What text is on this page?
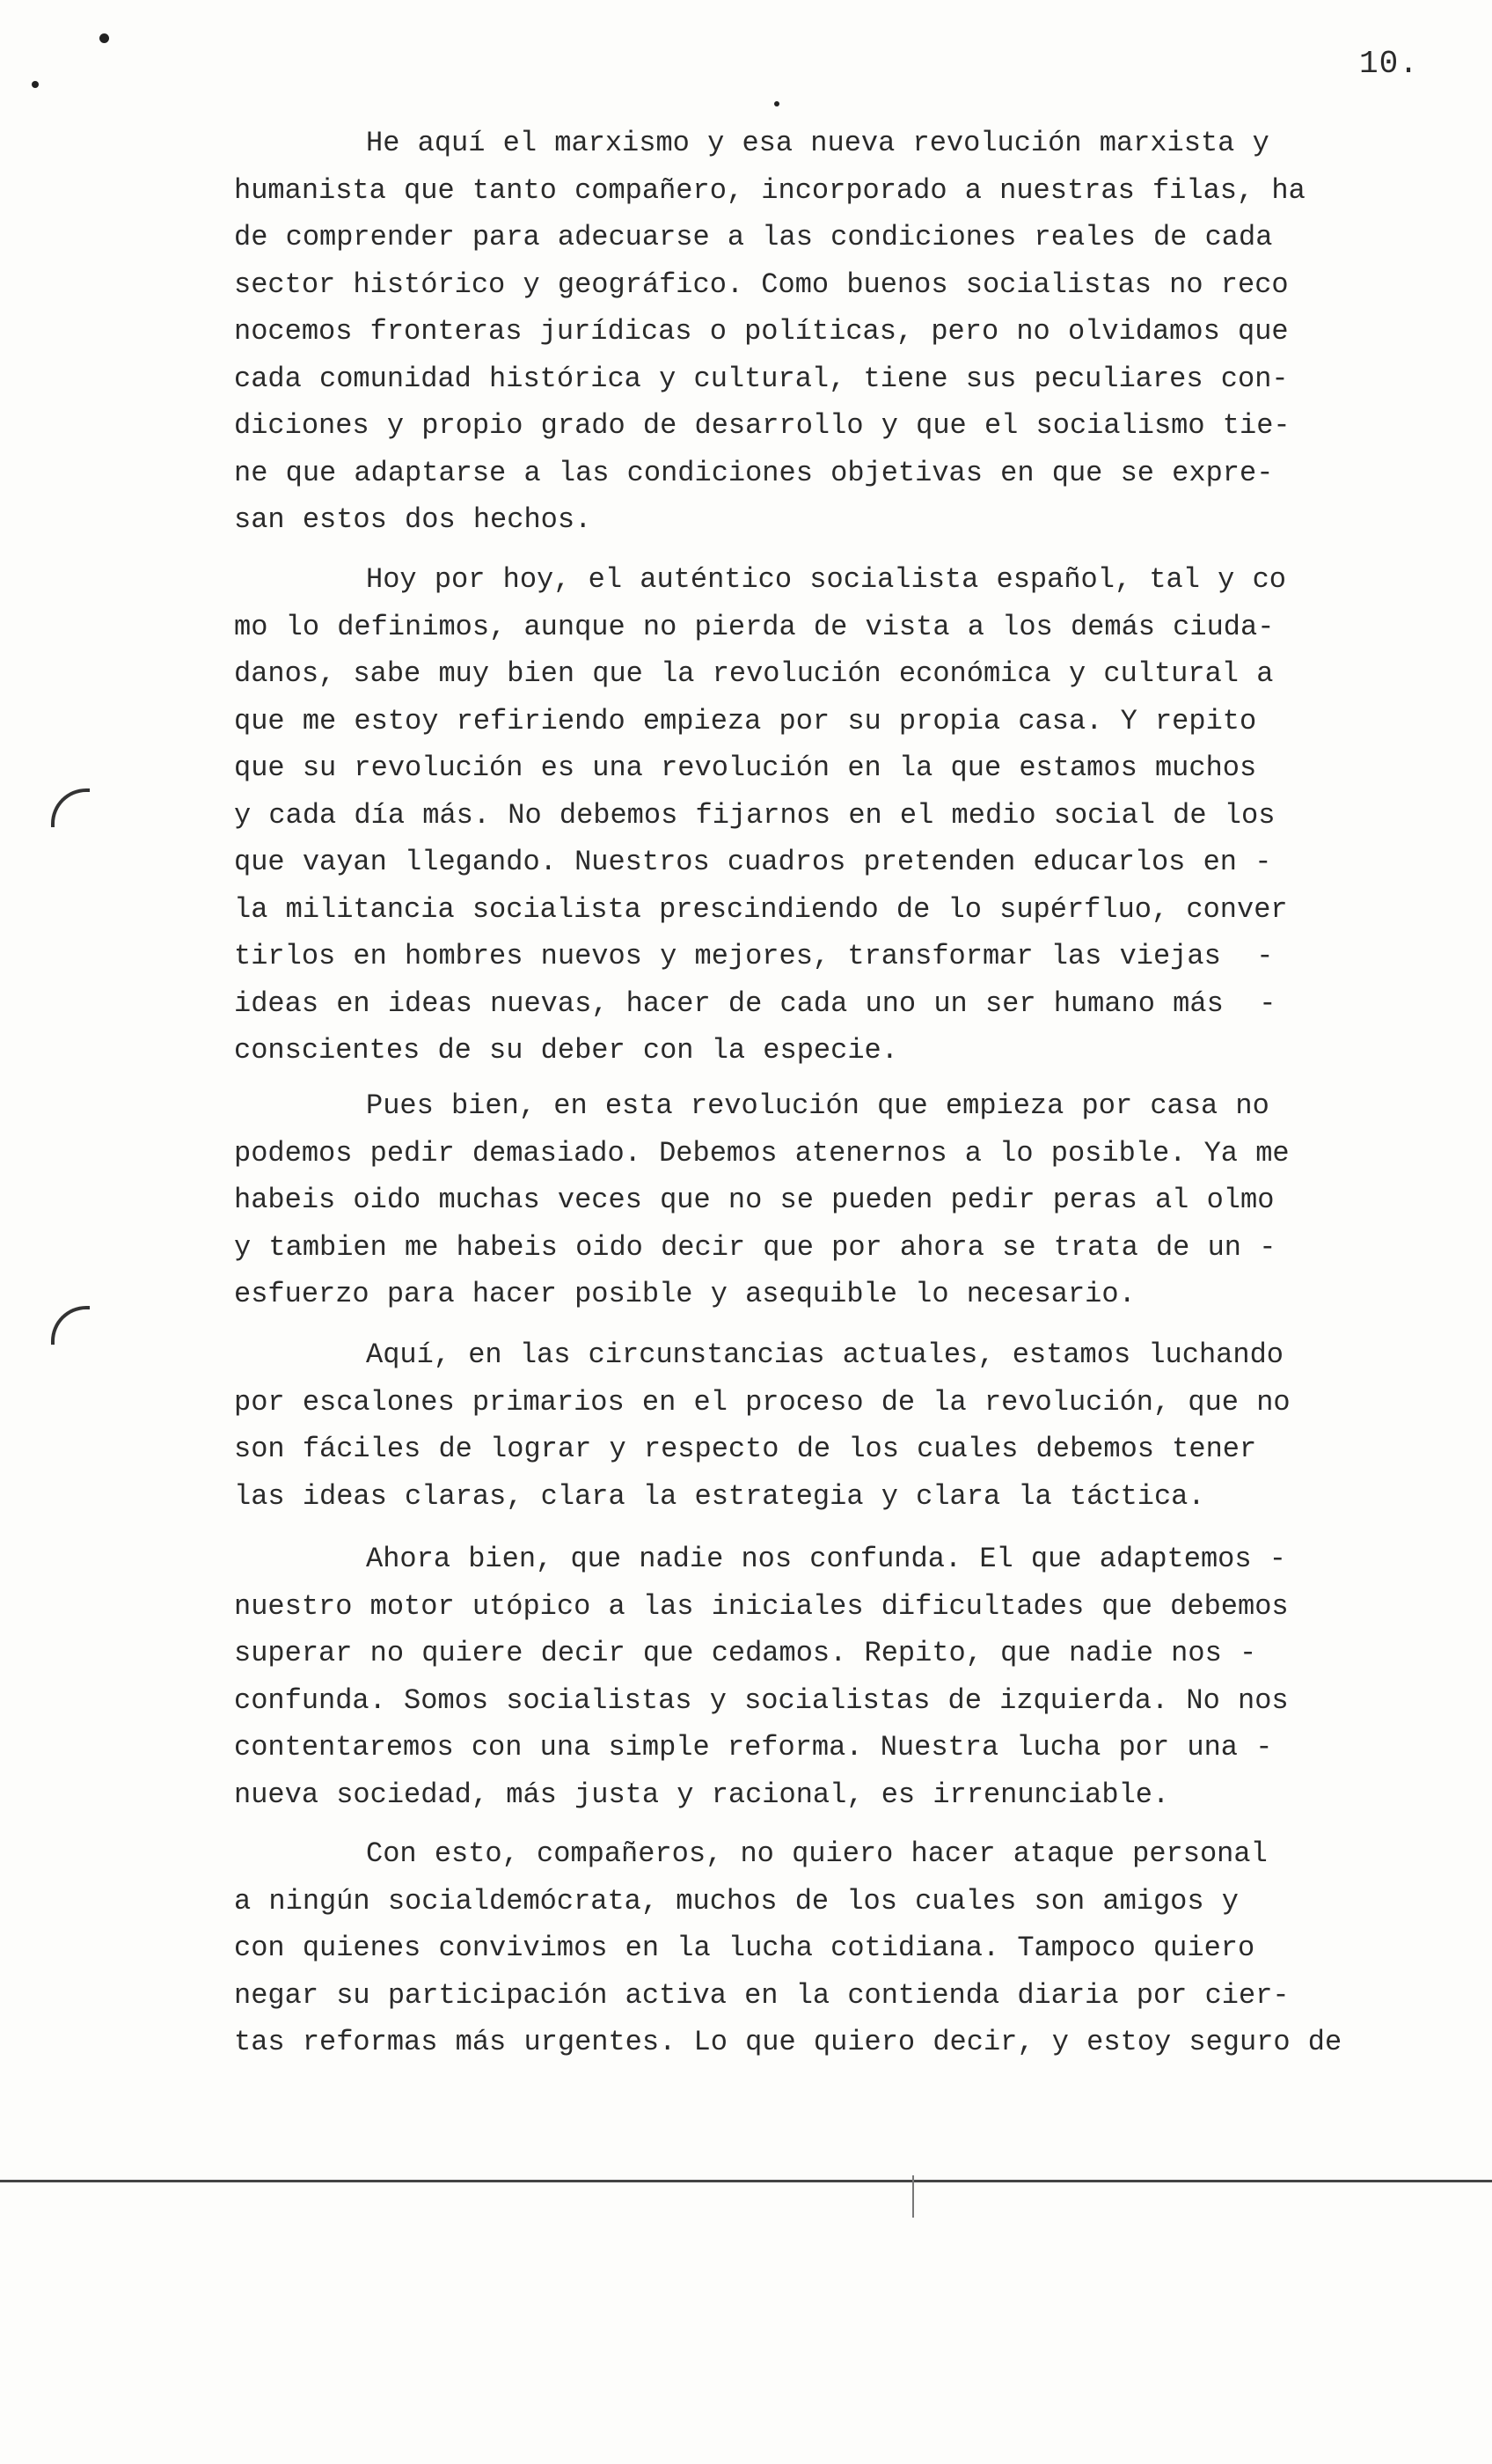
10.
He aquí el marxismo y esa nueva revolución marxista y
humanista que tanto compañero, incorporado a nuestras filas, ha
de comprender para adecuarse a las condiciones reales de cada
sector histórico y geográfico. Como buenos socialistas no reco
nocemos fronteras jurídicas o políticas, pero no olvidamos que
cada comunidad histórica y cultural, tiene sus peculiares con-
diciones y propio grado de desarrollo y que el socialismo tie-
ne que adaptarse a las condiciones objetivas en que se expre-
san estos dos hechos.
Hoy por hoy, el auténtico socialista español, tal y co
mo lo definimos, aunque no pierda de vista a los demás ciuda-
danos, sabe muy bien que la revolución económica y cultural a
que me estoy refiriendo empieza por su propia casa. Y repito
que su revolución es una revolución en la que estamos muchos
y cada día más. No debemos fijarnos en el medio social de los
que vayan llegando. Nuestros cuadros pretenden educarlos en -
la militancia socialista prescindiendo de lo supérfluo, conver
tirlos en hombres nuevos y mejores, transformar las viejas  -
ideas en ideas nuevas, hacer de cada uno un ser humano más  -
conscientes de su deber con la especie.
Pues bien, en esta revolución que empieza por casa no
podemos pedir demasiado. Debemos atenernos a lo posible. Ya me
habeis oido muchas veces que no se pueden pedir peras al olmo
y tambien me habeis oido decir que por ahora se trata de un -
esfuerzo para hacer posible y asequible lo necesario.
Aquí, en las circunstancias actuales, estamos luchando
por escalones primarios en el proceso de la revolución, que no
son fáciles de lograr y respecto de los cuales debemos tener
las ideas claras, clara la estrategia y clara la táctica.
Ahora bien, que nadie nos confunda. El que adaptemos -
nuestro motor utópico a las iniciales dificultades que debemos
superar no quiere decir que cedamos. Repito, que nadie nos -
confunda. Somos socialistas y socialistas de izquierda. No nos
contentaremos con una simple reforma. Nuestra lucha por una -
nueva sociedad, más justa y racional, es irrenunciable.
Con esto, compañeros, no quiero hacer ataque personal
a ningún socialdemócrata, muchos de los cuales son amigos y
con quienes convivimos en la lucha cotidiana. Tampoco quiero
negar su participación activa en la contienda diaria por cier-
tas reformas más urgentes. Lo que quiero decir, y estoy seguro de
